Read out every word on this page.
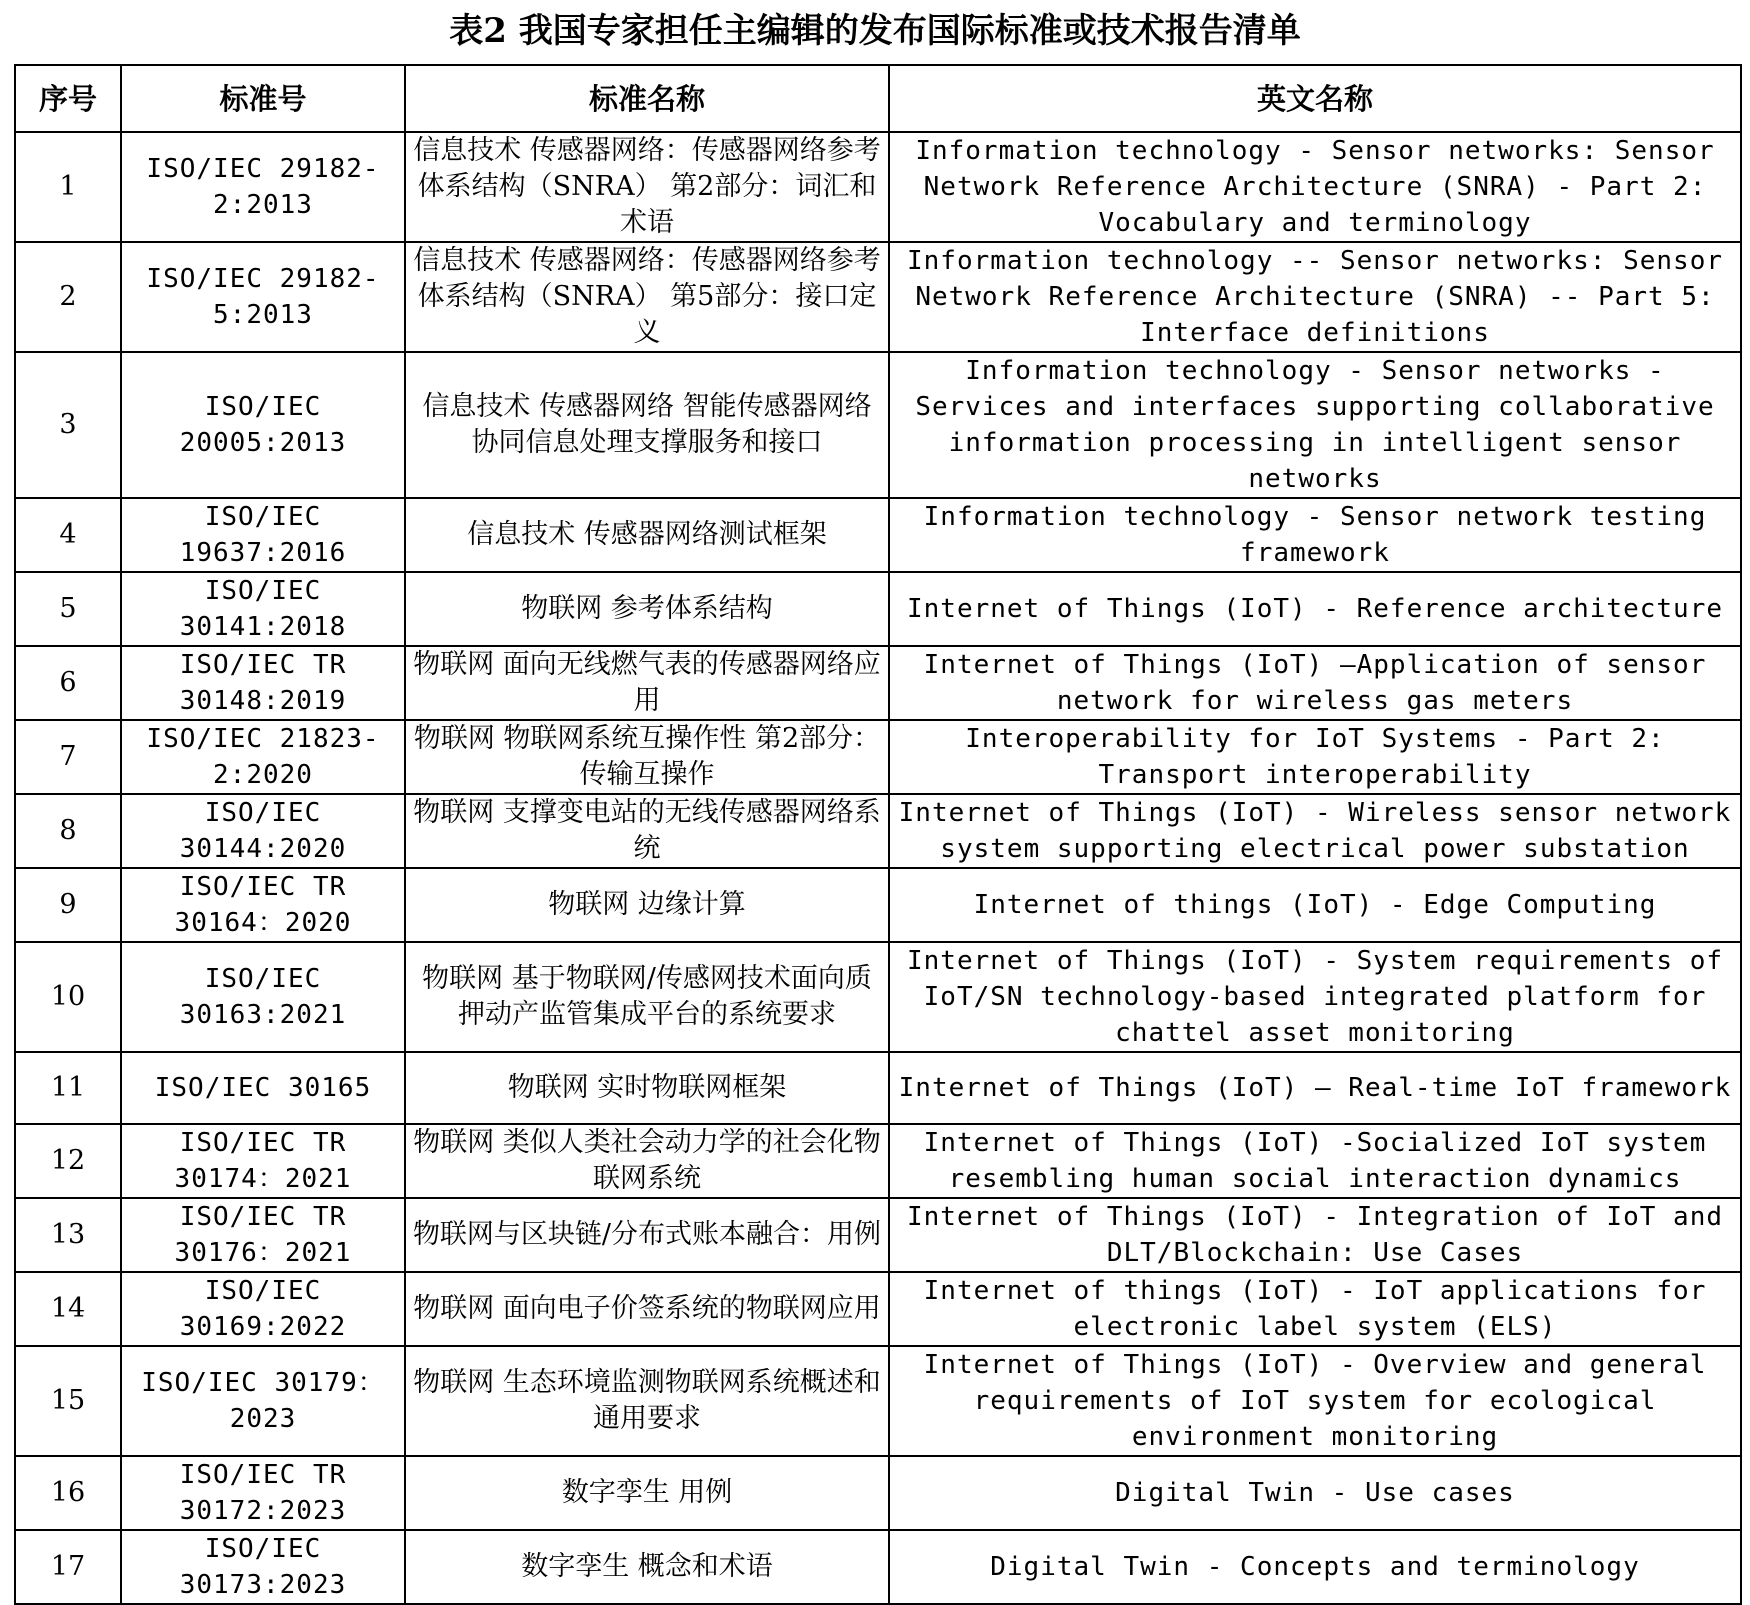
表2 我国专家担任主编辑的发布国际标准或技术报告清单
序号	标准号	标准名称	英文名称
1	ISO/IEC 29182-2:2013	信息技术 传感器网络：传感器网络参考体系结构（SNRA） 第2部分：词汇和术语	Information technology - Sensor networks: Sensor Network Reference Architecture (SNRA) - Part 2: Vocabulary and terminology
2	ISO/IEC 29182-5:2013	信息技术 传感器网络：传感器网络参考体系结构（SNRA） 第5部分：接口定义	Information technology -- Sensor networks: Sensor Network Reference Architecture (SNRA) -- Part 5: Interface definitions
3	ISO/IEC 20005:2013	信息技术 传感器网络 智能传感器网络协同信息处理支撑服务和接口	Information technology - Sensor networks - Services and interfaces supporting collaborative information processing in intelligent sensor networks
4	ISO/IEC 19637:2016	信息技术 传感器网络测试框架	Information technology - Sensor network testing framework
5	ISO/IEC 30141:2018	物联网 参考体系结构	Internet of Things (IoT) - Reference architecture
6	ISO/IEC TR 30148:2019	物联网 面向无线燃气表的传感器网络应用	Internet of Things (IoT) —Application of sensor network for wireless gas meters
7	ISO/IEC 21823-2:2020	物联网 物联网系统互操作性 第2部分：传输互操作	Interoperability for IoT Systems - Part 2: Transport interoperability
8	ISO/IEC 30144:2020	物联网 支撑变电站的无线传感器网络系统	Internet of Things (IoT) - Wireless sensor network system supporting electrical power substation
9	ISO/IEC TR 30164：2020	物联网 边缘计算	Internet of things (IoT) - Edge Computing
10	ISO/IEC 30163:2021	物联网 基于物联网/传感网技术面向质押动产监管集成平台的系统要求	Internet of Things (IoT) - System requirements of IoT/SN technology-based integrated platform for chattel asset monitoring
11	ISO/IEC 30165	物联网 实时物联网框架	Internet of Things (IoT) — Real-time IoT framework
12	ISO/IEC TR 30174：2021	物联网 类似人类社会动力学的社会化物联网系统	Internet of Things (IoT) -Socialized IoT system resembling human social interaction dynamics
13	ISO/IEC TR 30176：2021	物联网与区块链/分布式账本融合：用例	Internet of Things (IoT) - Integration of IoT and DLT/Blockchain: Use Cases
14	ISO/IEC 30169:2022	物联网 面向电子价签系统的物联网应用	Internet of things (IoT) - IoT applications for electronic label system (ELS)
15	ISO/IEC 30179：2023	物联网 生态环境监测物联网系统概述和通用要求	Internet of Things (IoT) - Overview and general requirements of IoT system for ecological environment monitoring
16	ISO/IEC TR 30172:2023	数字孪生 用例	Digital Twin - Use cases
17	ISO/IEC 30173:2023	数字孪生 概念和术语	Digital Twin - Concepts and terminology
